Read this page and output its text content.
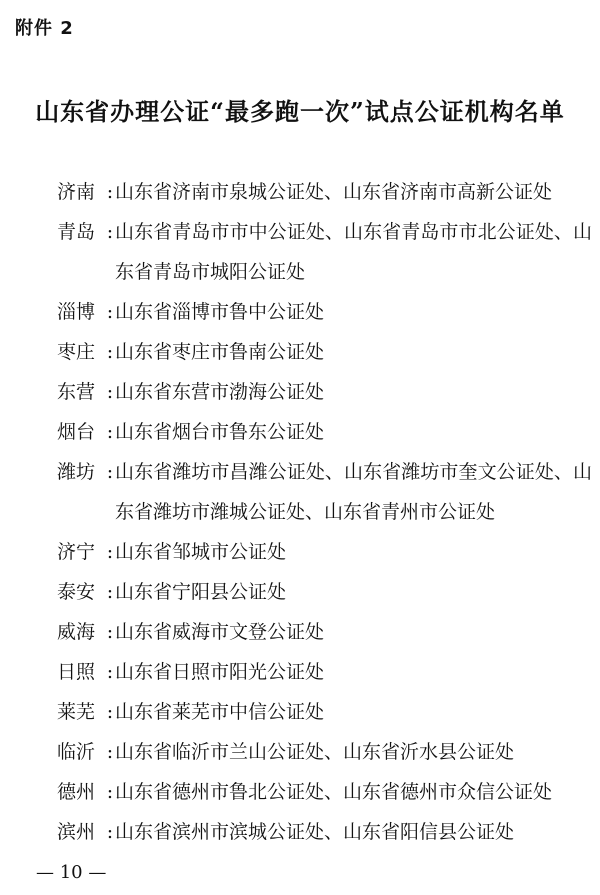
附件 2
山东省办理公证“最多跑一次”试点公证机构名单
济南 : 山东省济南市泉城公证处、山东省济南市高新公证处
青岛 : 山东省青岛市市中公证处、山东省青岛市市北公证处、山东省青岛市城阳公证处
淄博 : 山东省淄博市鲁中公证处
枣庄 : 山东省枣庄市鲁南公证处
东营 : 山东省东营市渤海公证处
烟台 : 山东省烟台市鲁东公证处
潍坊 : 山东省潍坊市昌潍公证处、山东省潍坊市奎文公证处、山东省潍坊市潍城公证处、山东省青州市公证处
济宁 : 山东省邹城市公证处
泰安 : 山东省宁阳县公证处
威海 : 山东省威海市文登公证处
日照 : 山东省日照市阳光公证处
莱芜 : 山东省莱芜市中信公证处
临沂 : 山东省临沂市兰山公证处、山东省沂水县公证处
德州 : 山东省德州市鲁北公证处、山东省德州市众信公证处
滨州 : 山东省滨州市滨城公证处、山东省阳信县公证处
— 10 —
